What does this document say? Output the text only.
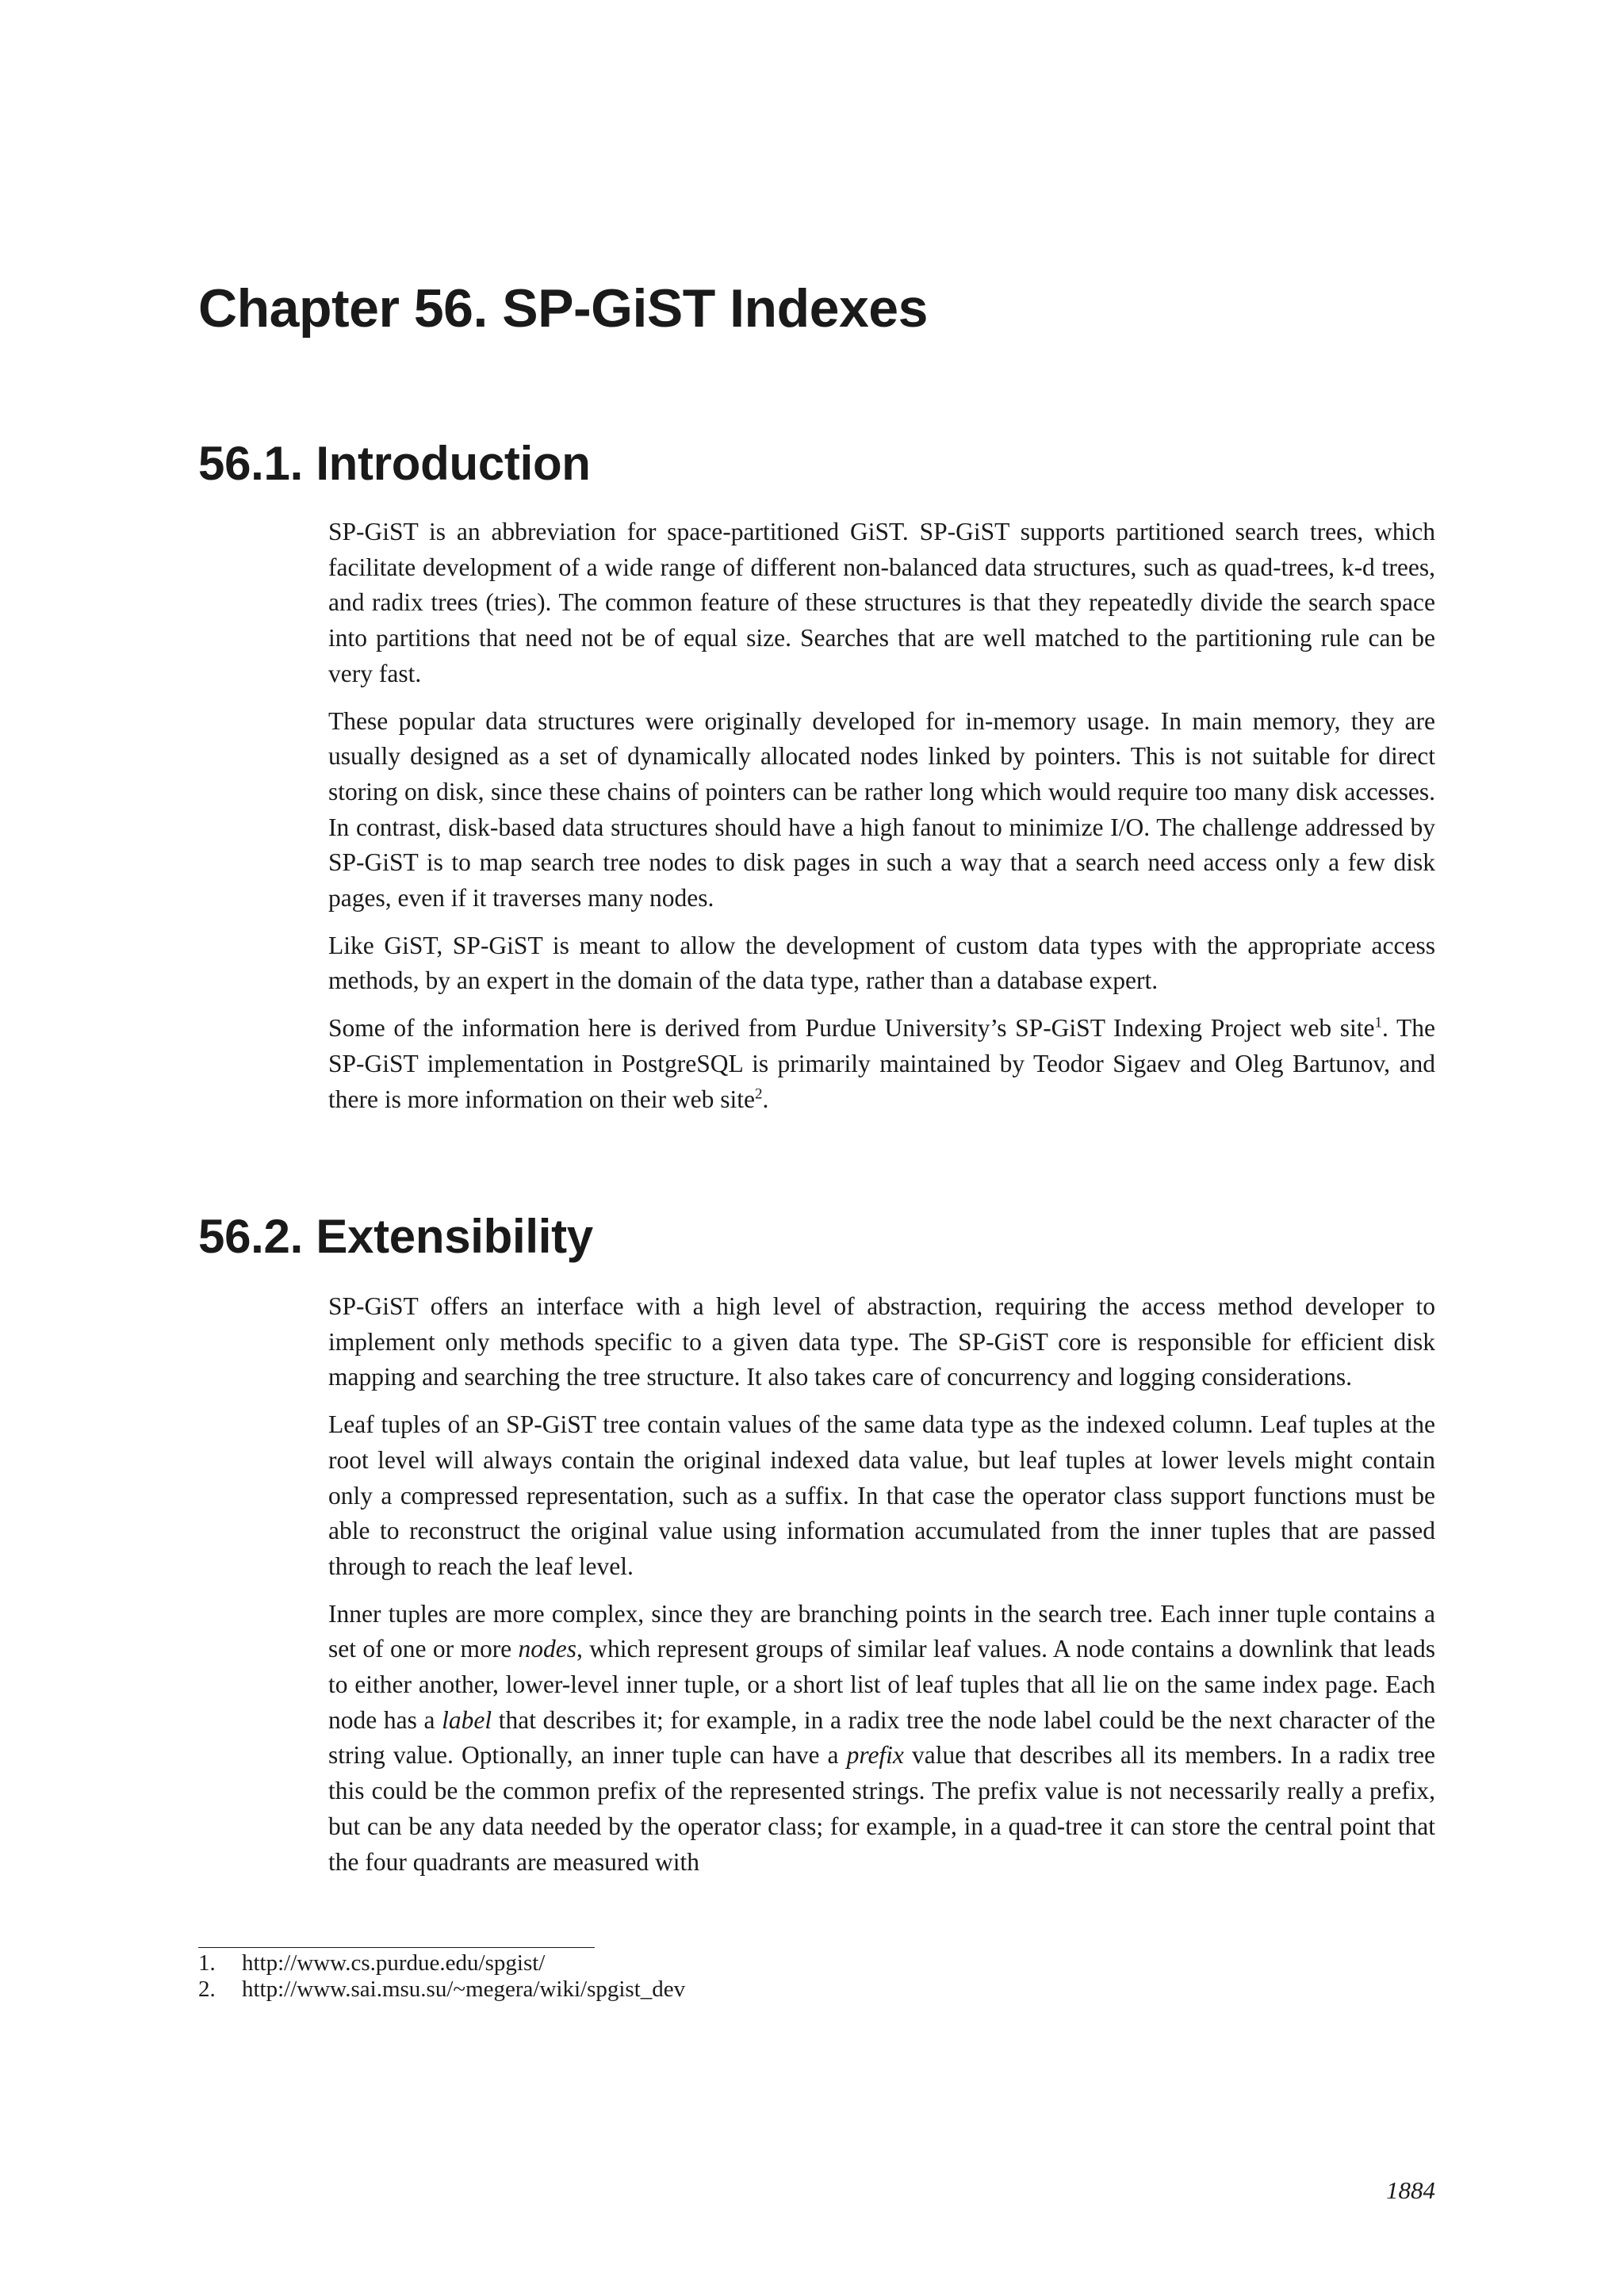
Chapter 56. SP-GiST Indexes
56.1. Introduction

SP-GiST is an abbreviation for space-partitioned GiST. SP-GiST supports partitioned search trees, which facilitate development of a wide range of different non-balanced data structures, such as quad-trees, k-d trees, and radix trees (tries). The common feature of these structures is that they repeatedly divide the search space into partitions that need not be of equal size. Searches that are well matched to the partitioning rule can be very fast.

These popular data structures were originally developed for in-memory usage. In main memory, they are usually designed as a set of dynamically allocated nodes linked by pointers. This is not suitable for direct storing on disk, since these chains of pointers can be rather long which would require too many disk accesses. In contrast, disk-based data structures should have a high fanout to minimize I/O. The challenge addressed by SP-GiST is to map search tree nodes to disk pages in such a way that a search need access only a few disk pages, even if it traverses many nodes.

Like GiST, SP-GiST is meant to allow the development of custom data types with the appropriate access methods, by an expert in the domain of the data type, rather than a database expert.

Some of the information here is derived from Purdue University’s SP-GiST Indexing Project web site$^1$. The SP-GiST implementation in PostgreSQL is primarily maintained by Teodor Sigaev and Oleg Bartunov, and there is more information on their web site$^2$.

56.2. Extensibility

SP-GiST offers an interface with a high level of abstraction, requiring the access method developer to implement only methods specific to a given data type. The SP-GiST core is responsible for efficient disk mapping and searching the tree structure. It also takes care of concurrency and logging considerations.

Leaf tuples of an SP-GiST tree contain values of the same data type as the indexed column. Leaf tuples at the root level will always contain the original indexed data value, but leaf tuples at lower levels might contain only a compressed representation, such as a suffix. In that case the operator class support functions must be able to reconstruct the original value using information accumulated from the inner tuples that are passed through to reach the leaf level.

Inner tuples are more complex, since they are branching points in the search tree. Each inner tuple contains a set of one or more nodes, which represent groups of similar leaf values. A node contains a downlink that leads to either another, lower-level inner tuple, or a short list of leaf tuples that all lie on the same index page. Each node has a label that describes it; for example, in a radix tree the node label could be the next character of the string value. Optionally, an inner tuple can have a prefix value that describes all its members. In a radix tree this could be the common prefix of the represented strings. The prefix value is not necessarily really a prefix, but can be any data needed by the operator class; for example, in a quad-tree it can store the central point that the four quadrants are measured with

1.	http://www.cs.purdue.edu/spgist/
2.	http://www.sai.msu.su/~megera/wiki/spgist_dev
1884
